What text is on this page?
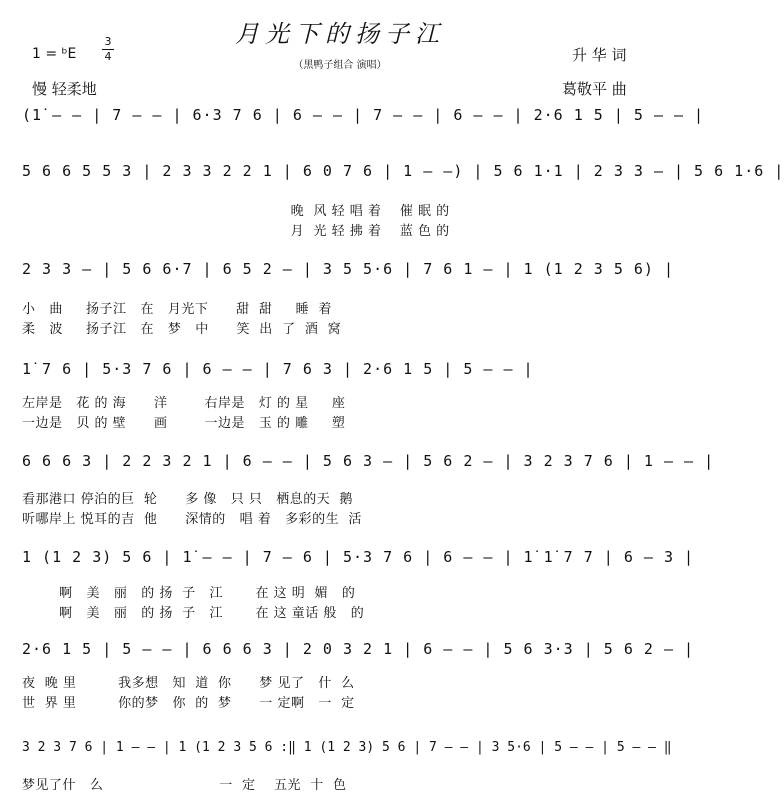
月光下的扬子江
（黑鸭子组合 演唱）
1 = ᵇE
3
4
慢 轻柔地
升 华 词
葛敬平 曲
(1̇ — — | 7 — — | 6·3 7 6 | 6 — — | 7 — — | 6 — — | 2·6 1 5 | 5 — — |
5 6 6 5 5 3 | 2 3 3 2 2 1 | 6 0 7 6 | 1 — —) | 5 6 1·1 | 2 3 3 — | 5 6 1·6 |
晚  风 轻 唱 着    催 眠 的
月  光 轻 拂 着    蓝 色 的
2 3 3 — | 5 6 6·7 | 6 5 2 — | 3 5 5·6 | 7 6 1 — | 1 (1 2 3 5 6) |
小   曲     扬子江   在   月光下      甜  甜     睡  着
柔   波     扬子江   在   梦   中      笑  出  了  酒  窝
1̇ 7 6 | 5·3 7 6 | 6 — — | 7 6 3 | 2·6 1 5 | 5 — — |
左岸是   花 的 海      洋        右岸是   灯 的 星     座
一边是   贝 的 壁      画        一边是   玉 的 雕     塑
6 6 6 3 | 2 2 3 2 1 | 6 — — | 5 6 3 — | 5 6 2 — | 3 2 3 7 6 | 1 — — |
看那港口 停泊的巨  轮      多 像   只 只   栖息的天  鹅
听哪岸上 悦耳的吉  他      深情的   唱 着   多彩的生  活
1 (1 2 3) 5 6 | 1̇ — — | 7 — 6 | 5·3 7 6 | 6 — — | 1̇ 1̇ 7 7 | 6 — 3 |
啊   美   丽   的 扬  子   江       在 这 明  媚   的
啊   美   丽   的 扬  子   江       在 这 童话 般   的
2·6 1 5 | 5 — — | 6 6 6 3 | 2 0 3 2 1 | 6 — — | 5 6 3·3 | 5 6 2 — |
夜  晚 里         我多想   知  道  你      梦 见了   什  么
世  界 里         你的梦   你  的  梦      一 定啊   一  定
3 2 3 7 6 | 1 — — | 1 (1 2 3 5 6 :‖ 1 (1 2 3) 5 6 | 7 — — | 3 5·6 | 5 — — | 5 — — ‖
梦见了什   么                         一  定    五光  十  色
